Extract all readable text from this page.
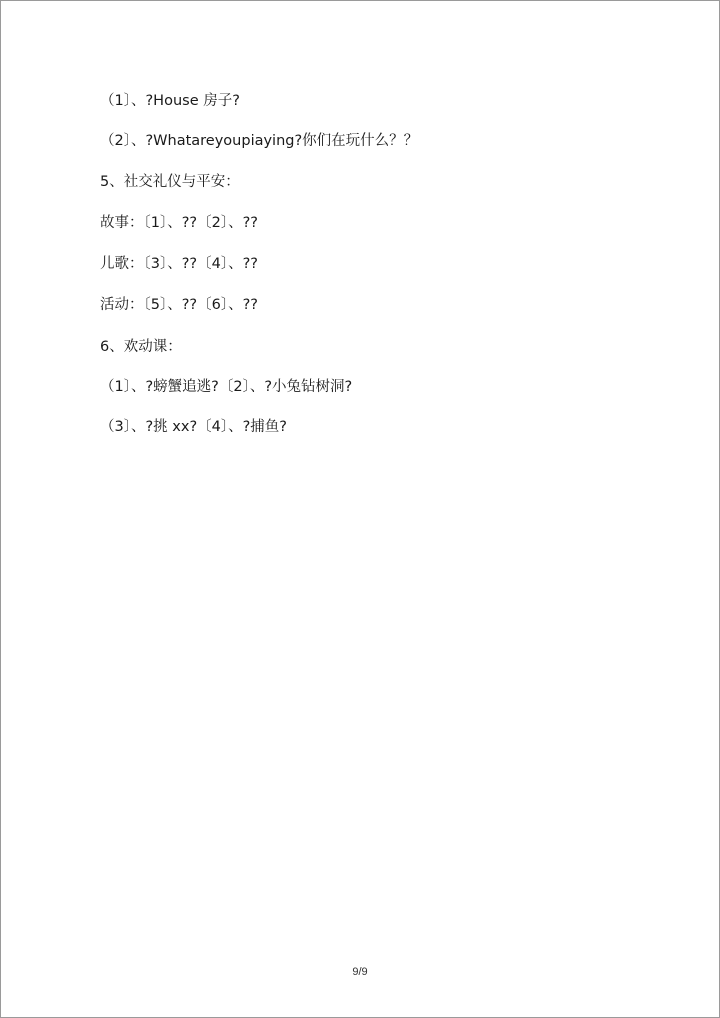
（1〕、?House 房子?
（2〕、?Whatareyoupiaying?你们在玩什么？？
5、社交礼仪与平安：
故事：〔1〕、??〔2〕、??
儿歌：〔3〕、??〔4〕、??
活动：〔5〕、??〔6〕、??
6、欢动课：
（1〕、?螃蟹追逃?〔2〕、?小兔钻树洞?
（3〕、?挑 xx?〔4〕、?捕鱼?
9/9
